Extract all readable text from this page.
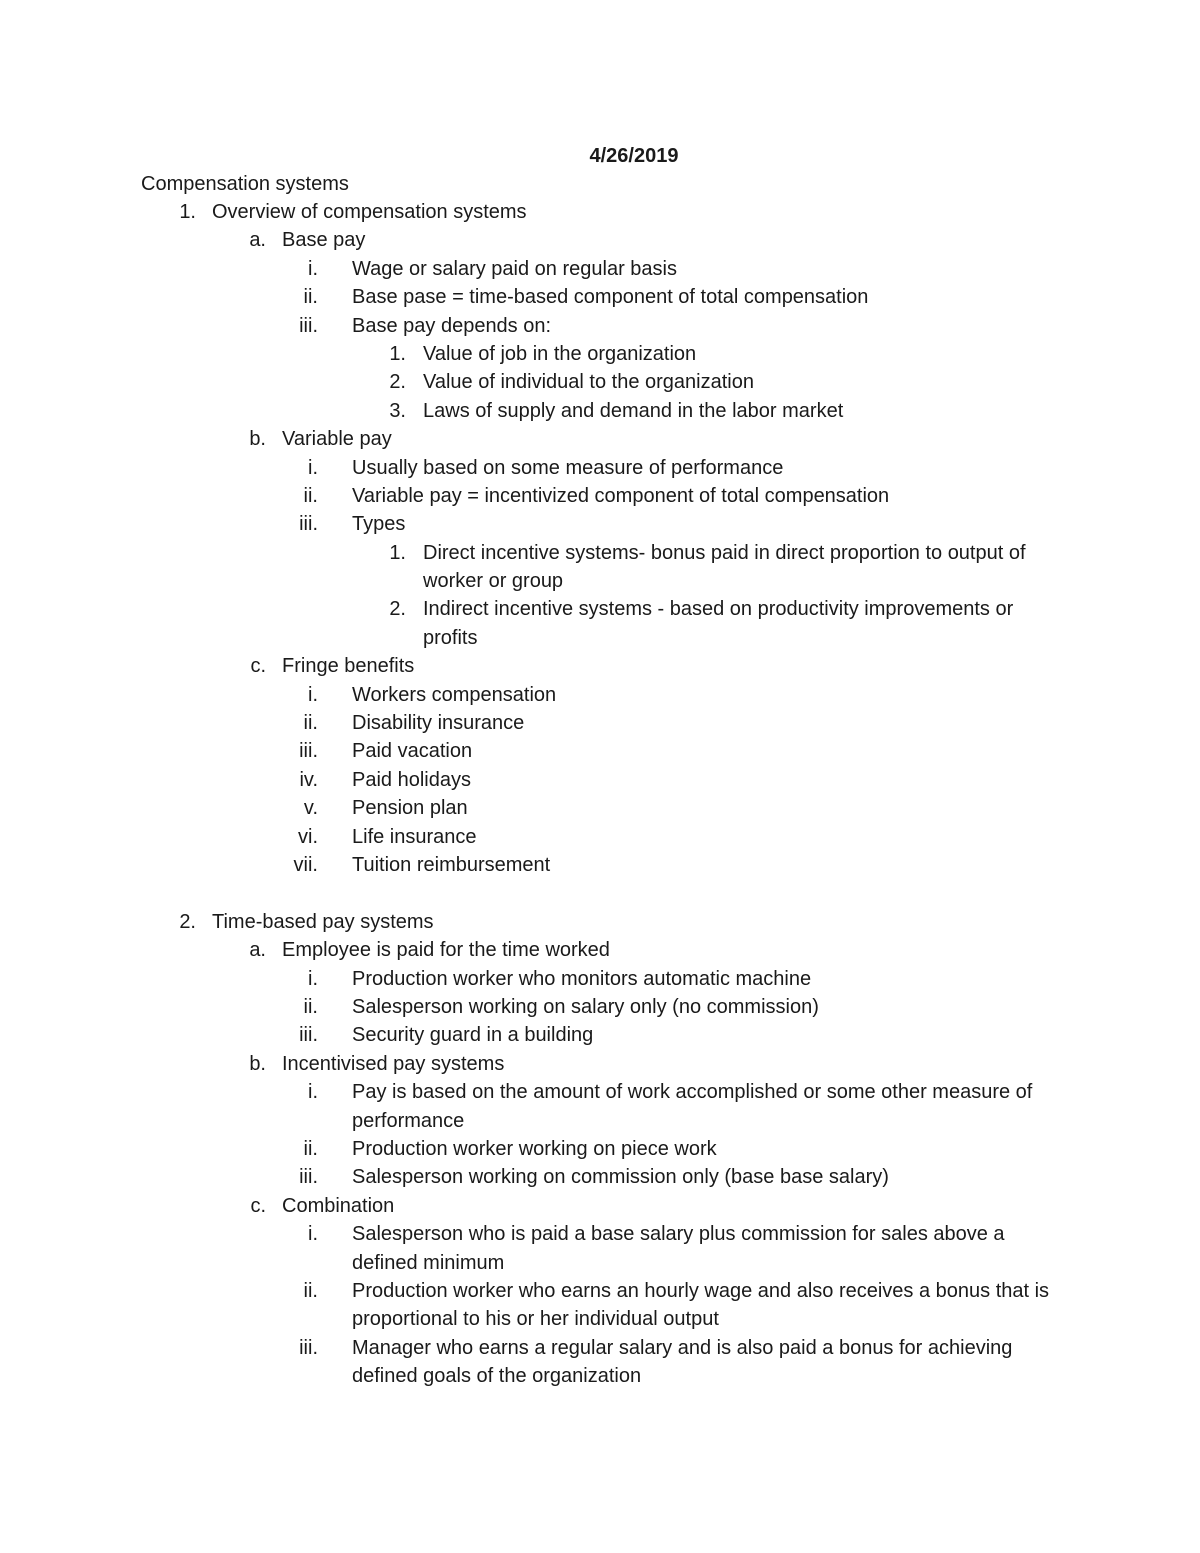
4/26/2019
Compensation systems
1. Overview of compensation systems
a. Base pay
i. Wage or salary paid on regular basis
ii. Base pase = time-based component of total compensation
iii. Base pay depends on:
1. Value of job in the organization
2. Value of individual to the organization
3. Laws of supply and demand in the labor market
b. Variable pay
i. Usually based on some measure of performance
ii. Variable pay = incentivized component of total compensation
iii. Types
1. Direct incentive systems- bonus paid in direct proportion to output of worker or group
2. Indirect incentive systems - based on productivity improvements or profits
c. Fringe benefits
i. Workers compensation
ii. Disability insurance
iii. Paid vacation
iv. Paid holidays
v. Pension plan
vi. Life insurance
vii. Tuition reimbursement
2. Time-based pay systems
a. Employee is paid for the time worked
i. Production worker who monitors automatic machine
ii. Salesperson working on salary only (no commission)
iii. Security guard in a building
b. Incentivised pay systems
i. Pay is based on the amount of work accomplished or some other measure of performance
ii. Production worker working on piece work
iii. Salesperson working on commission only (base base salary)
c. Combination
i. Salesperson who is paid a base salary plus commission for sales above a defined minimum
ii. Production worker who earns an hourly wage and also receives a bonus that is proportional to his or her individual output
iii. Manager who earns a regular salary and is also paid a bonus for achieving defined goals of the organization
